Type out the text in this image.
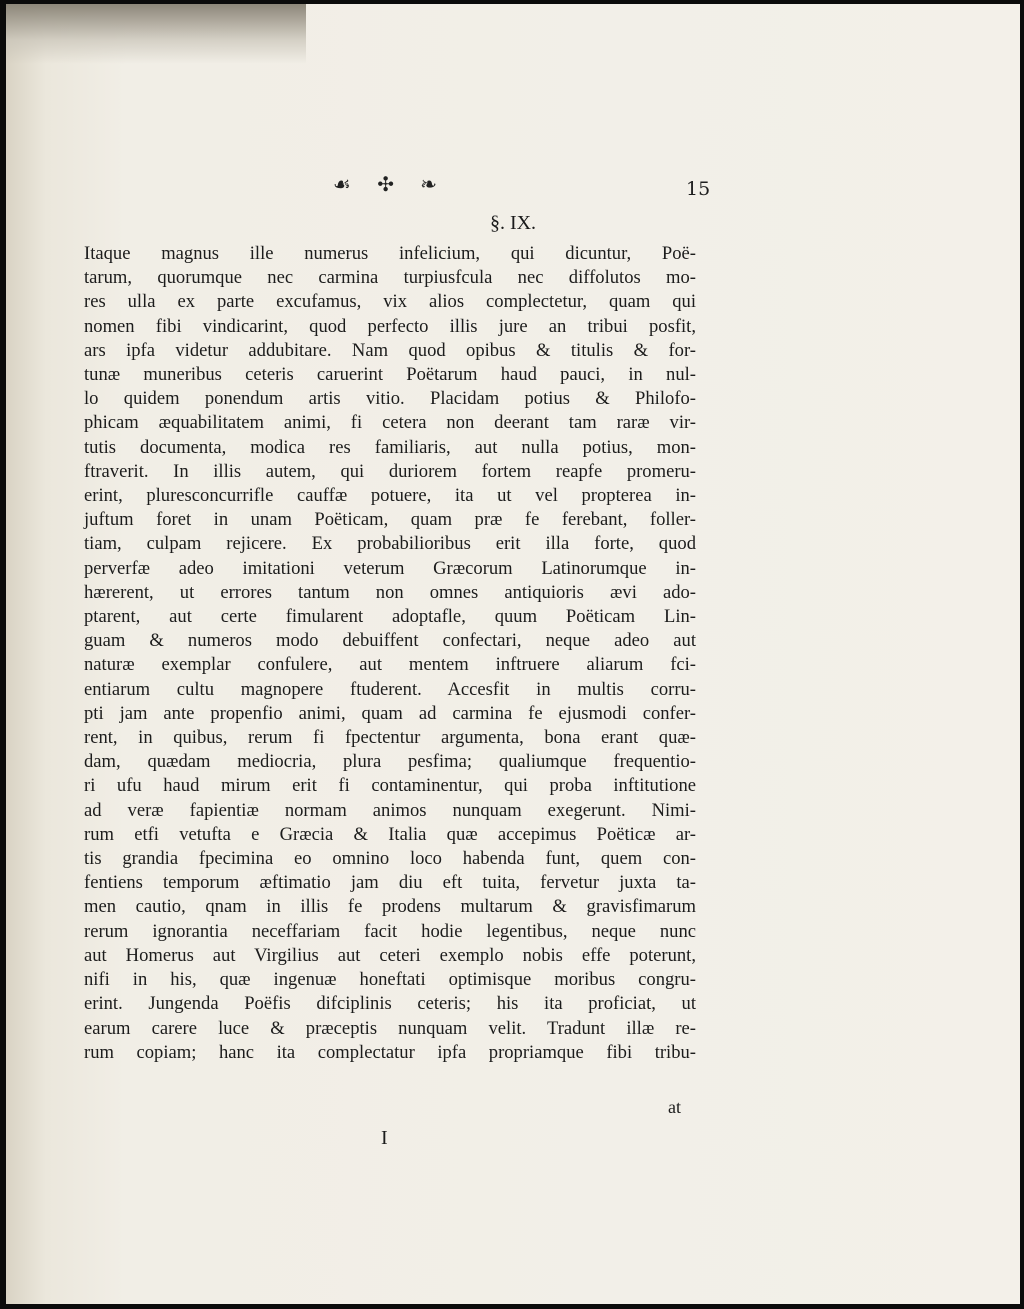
☙ ✣ ❧	15
§. IX.
Itaque magnus ille numerus infelicium, qui dicuntur, Poë-
tarum, quorumque nec carmina turpiusfcula nec diffolutos mo-
res ulla ex parte excufamus, vix alios complectetur, quam qui
nomen fibi vindicarint, quod perfecto illis jure an tribui posfit,
ars ipfa videtur addubitare. Nam quod opibus & titulis & for-
tunæ muneribus ceteris caruerint Poëtarum haud pauci, in nul-
lo quidem ponendum artis vitio. Placidam potius & Philofo-
phicam æquabilitatem animi, fi cetera non deerant tam raræ vir-
tutis documenta, modica res familiaris, aut nulla potius, mon-
ftraverit. In illis autem, qui duriorem fortem reapfe promeru-
erint, pluresconcurrifle cauffæ potuere, ita ut vel propterea in-
juftum foret in unam Poëticam, quam præ fe ferebant, foller-
tiam, culpam rejicere. Ex probabilioribus erit illa forte, quod
perverfæ adeo imitationi veterum Græcorum Latinorumque in-
hærerent, ut errores tantum non omnes antiquioris ævi ado-
ptarent, aut certe fimularent adoptafle, quum Poëticam Lin-
guam & numeros modo debuiffent confectari, neque adeo aut
naturæ exemplar confulere, aut mentem inftruere aliarum fci-
entiarum cultu magnopere ftuderent. Accesfit in multis corru-
pti jam ante propenfio animi, quam ad carmina fe ejusmodi confer-
rent, in quibus, rerum fi fpectentur argumenta, bona erant quæ-
dam, quædam mediocria, plura pesfima; qualiumque frequentio-
ri ufu haud mirum erit fi contaminentur, qui proba inftitutione
ad veræ fapientiæ normam animos nunquam exegerunt. Nimi-
rum etfi vetufta e Græcia & Italia quæ accepimus Poëticæ ar-
tis grandia fpecimina eo omnino loco habenda funt, quem con-
fentiens temporum æftimatio jam diu eft tuita, fervetur juxta ta-
men cautio, qnam in illis fe prodens multarum & gravisfimarum
rerum ignorantia neceffariam facit hodie legentibus, neque nunc
aut Homerus aut Virgilius aut ceteri exemplo nobis effe poterunt,
nifi in his, quæ ingenuæ honeftati optimisque moribus congru-
erint. Jungenda Poëfis difciplinis ceteris; his ita proficiat, ut
earum carere luce & præceptis nunquam velit. Tradunt illæ re-
rum copiam; hanc ita complectatur ipfa propriamque fibi tribu-
at
I
